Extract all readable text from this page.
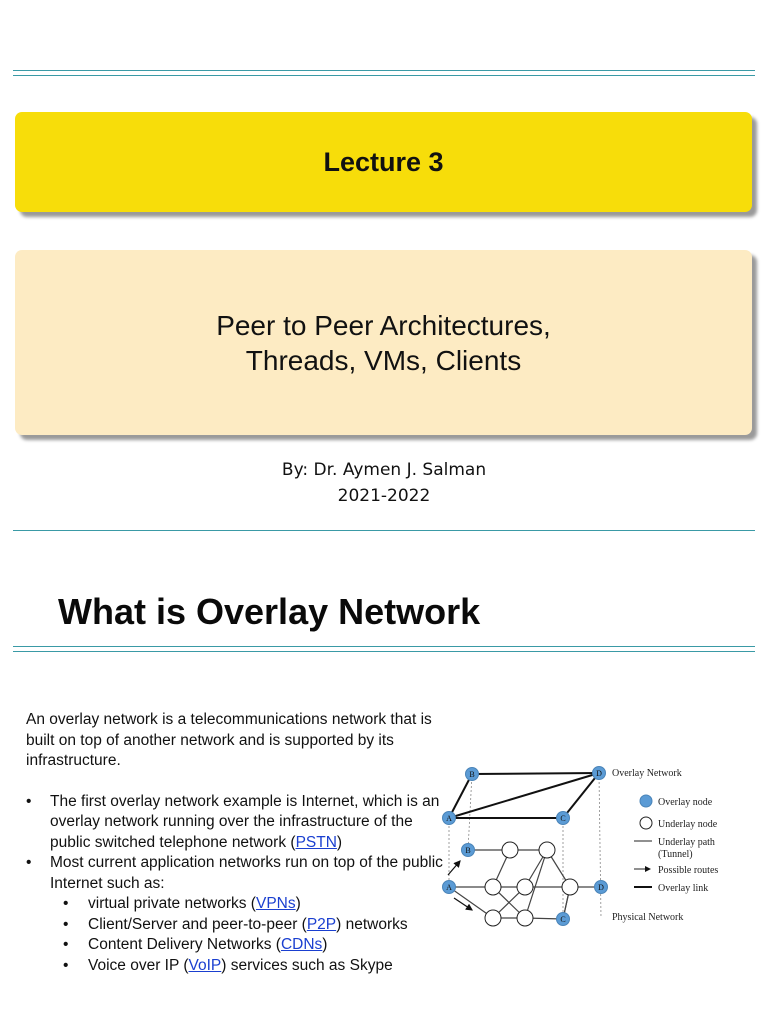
Lecture 3
Peer to Peer Architectures,
Threads, VMs, Clients
By: Dr. Aymen J. Salman
2021-2022
What is Overlay Network

An overlay network is a telecommunications network that is built on top of another network and is supported by its infrastructure.

• The first overlay network example is Internet, which is an overlay network running over the infrastructure of the public switched telephone network (PSTN)
• Most current application networks run on top of the public Internet such as:
• virtual private networks (VPNs)
• Client/Server and peer-to-peer (P2P) networks
• Content Delivery Networks (CDNs)
• Voice over IP (VoIP) services such as Skype
B	D
A	C
B
A	D
C
Overlay Network
Physical Network
Overlay node
Underlay node
Underlay path
(Tunnel)
Possible routes
Overlay link
